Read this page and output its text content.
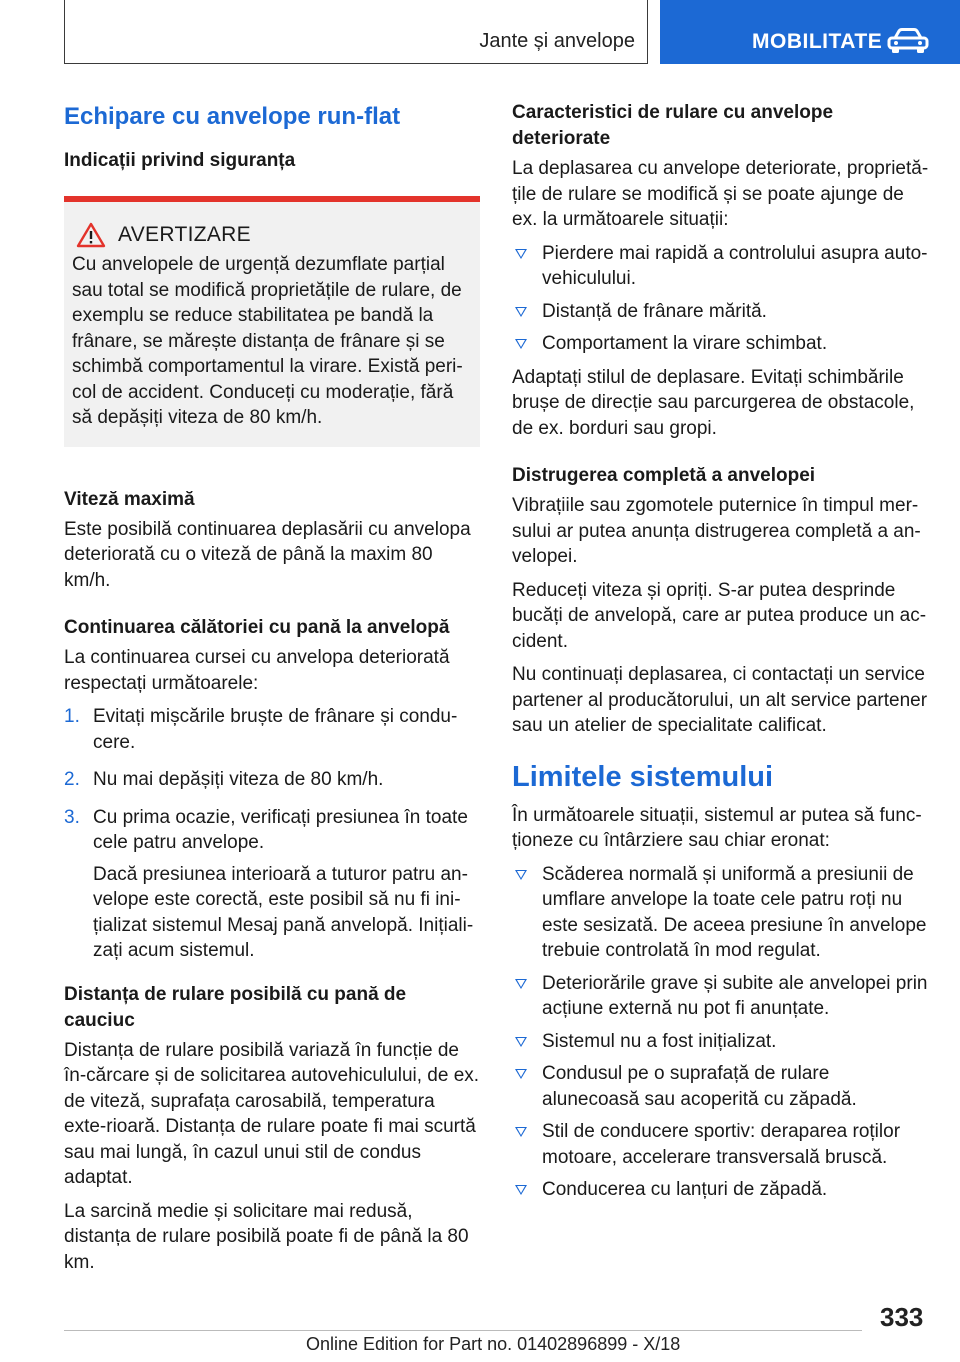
Jante și anvelope	MOBILITATE
Echipare cu anvelope run-flat
Indicații privind siguranța
AVERTIZARE

Cu anvelopele de urgență dezumflate parțial sau total se modifică proprietățile de rulare, de exemplu se reduce stabilitatea pe bandă la frânare, se mărește distanța de frânare și se schimbă comportamentul la virare. Există peri-col de accident. Conduceți cu moderație, fără să depășiți viteza de 80 km/h.

Viteză maximă

Este posibilă continuarea deplasării cu anvelopa deteriorată cu o viteză de până la maxim 80 km/h.

Continuarea călătoriei cu pană la anvelopă

La continuarea cursei cu anvelopa deteriorată respectați următoarele:

1. Evitați mișcările bruște de frânare și condu-cere.

2. Nu mai depășiți viteza de 80 km/h.

3. Cu prima ocazie, verificați presiunea în toate cele patru anvelope.

Dacă presiunea interioară a tuturor patru an-velope este corectă, este posibil să nu fi ini-țializat sistemul Mesaj pană anvelopă. Inițiali-zați acum sistemul.

Distanța de rulare posibilă cu pană de cauciuc

Distanța de rulare posibilă variază în funcție de în-cărcare și de solicitarea autovehiculului, de ex. de viteză, suprafața carosabilă, temperatura exte-rioară. Distanța de rulare poate fi mai scurtă sau mai lungă, în cazul unui stil de condus adaptat.

La sarcină medie și solicitare mai redusă, distanța de rulare posibilă poate fi de până la 80 km.

Caracteristici de rulare cu anvelope deteriorate

La deplasarea cu anvelope deteriorate, proprietă-țile de rulare se modifică și se poate ajunge de ex. la următoarele situații:

Pierdere mai rapidă a controlului asupra auto-vehiculului.
Distanță de frânare mărită.
Comportament la virare schimbat.

Adaptați stilul de deplasare. Evitați schimbările brușe de direcție sau parcurgerea de obstacole, de ex. borduri sau gropi.

Distrugerea completă a anvelopei

Vibrațiile sau zgomotele puternice în timpul mer-sului ar putea anunța distrugerea completă a an-velopei.

Reduceți viteza și opriți. S-ar putea desprinde bucăți de anvelopă, care ar putea produce un ac-cident.

Nu continuați deplasarea, ci contactați un service partener al producătorului, un alt service partener sau un atelier de specialitate calificat.

Limitele sistemului

În următoarele situații, sistemul ar putea să func-ționeze cu întârziere sau chiar eronat:

Scăderea normală și uniformă a presiunii de umflare anvelope la toate cele patru roți nu este sesizată. De aceea presiune în anvelope trebuie controlată în mod regulat.
Deteriorările grave și subite ale anvelopei prin acțiune externă nu pot fi anunțate.
Sistemul nu a fost inițializat.
Condusul pe o suprafață de rulare alunecoasă sau acoperită cu zăpadă.
Stil de conducere sportiv: deraparea roților motoare, accelerare transversală bruscă.
Conducerea cu lanțuri de zăpadă.
333
Online Edition for Part no. 01402896899 - X/18
